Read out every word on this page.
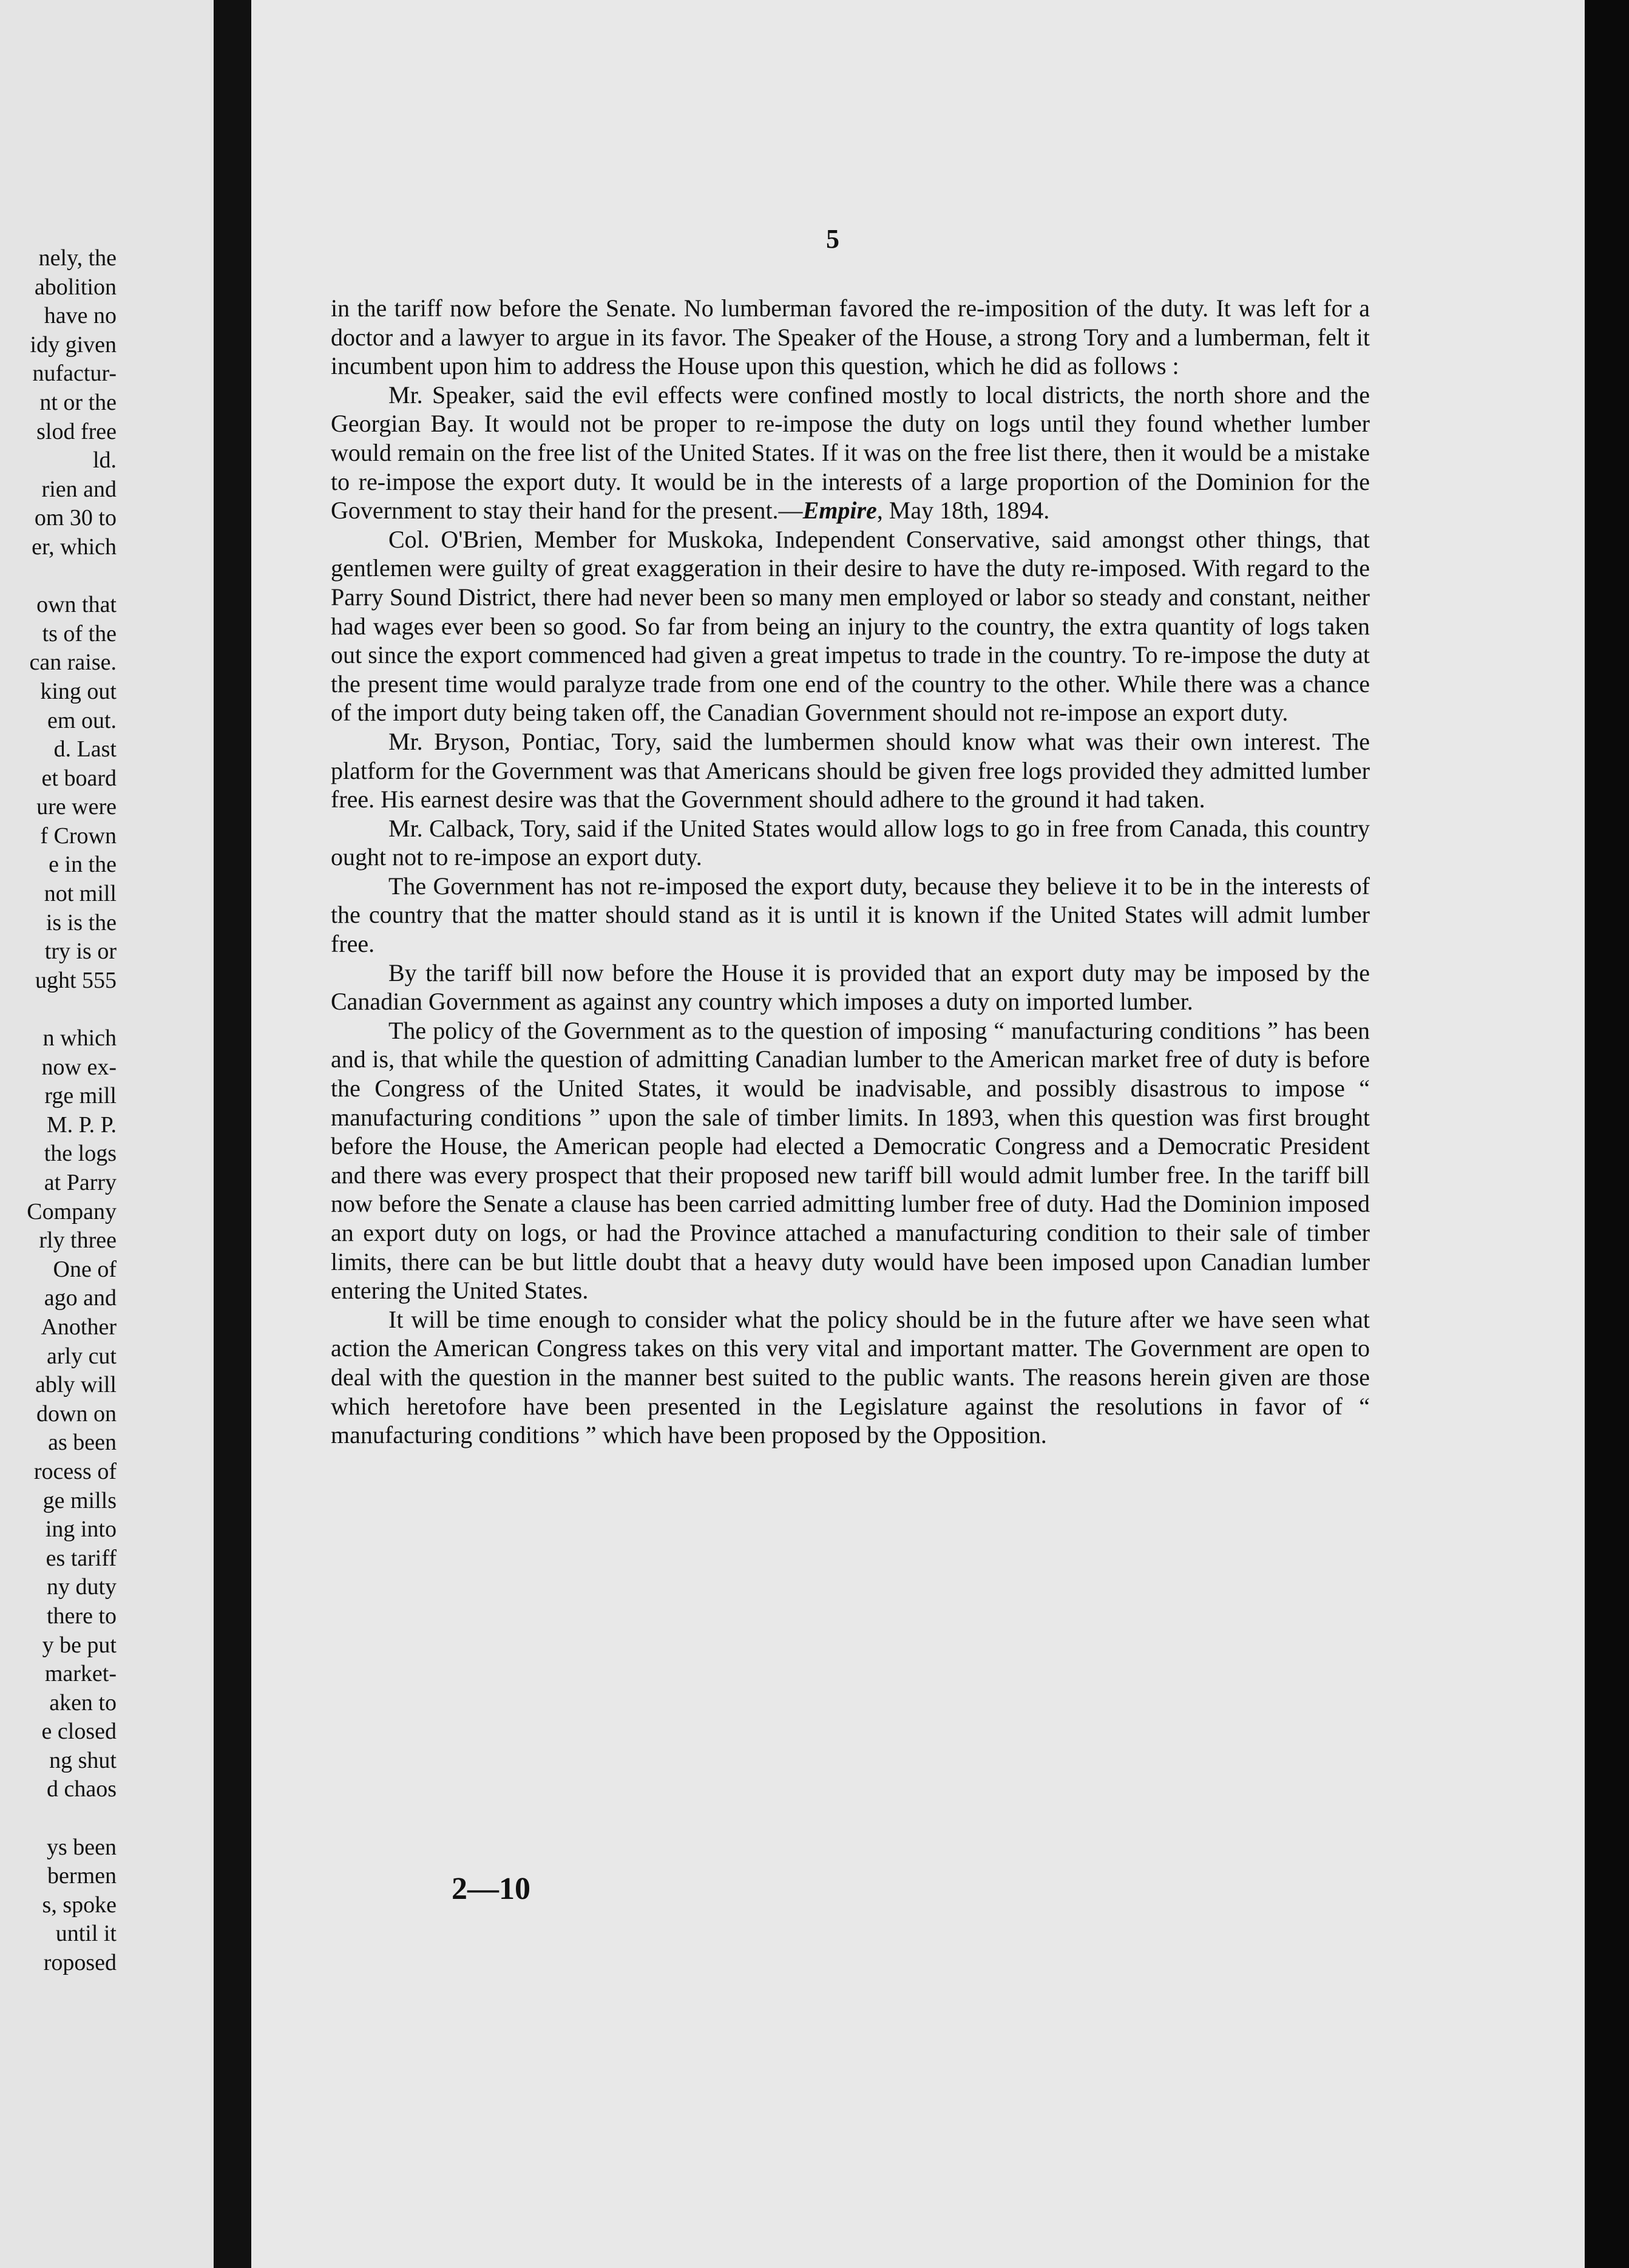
nely, the
abolition
have no
idy given
nufactur-
nt or the
slod free
ld.
rien and
om 30 to
er, which
own that
ts of the
can raise.
king out
em out.
d. Last
et board
ure were
f Crown
e in the
not mill
is is the
try is or
ught 555
n which
now ex-
rge mill
M. P. P.
the logs
at Parry
Company
rly three
One of
ago and
Another
arly cut
ably will
down on
as been
rocess of
ge mills
ing into
es tariff
ny duty
there to
y be put
market-
aken to
e closed
ng shut
d chaos
ys been
bermen
s, spoke
until it
roposed
5

in the tariff now before the Senate. No lumberman favored the re-imposition of the duty. It was left for a doctor and a lawyer to argue in its favor. The Speaker of the House, a strong Tory and a lumberman, felt it incumbent upon him to address the House upon this question, which he did as follows :

Mr. Speaker, said the evil effects were confined mostly to local districts, the north shore and the Georgian Bay. It would not be proper to re-impose the duty on logs until they found whether lumber would remain on the free list of the United States. If it was on the free list there, then it would be a mistake to re-impose the export duty. It would be in the interests of a large proportion of the Dominion for the Government to stay their hand for the present.—Empire, May 18th, 1894.

Col. O'Brien, Member for Muskoka, Independent Conservative, said amongst other things, that gentlemen were guilty of great exaggeration in their desire to have the duty re-imposed. With regard to the Parry Sound District, there had never been so many men employed or labor so steady and constant, neither had wages ever been so good. So far from being an injury to the country, the extra quantity of logs taken out since the export commenced had given a great impetus to trade in the country. To re-impose the duty at the present time would paralyze trade from one end of the country to the other. While there was a chance of the import duty being taken off, the Canadian Government should not re-impose an export duty.

Mr. Bryson, Pontiac, Tory, said the lumbermen should know what was their own interest. The platform for the Government was that Americans should be given free logs provided they admitted lumber free. His earnest desire was that the Government should adhere to the ground it had taken.

Mr. Calback, Tory, said if the United States would allow logs to go in free from Canada, this country ought not to re-impose an export duty.

The Government has not re-imposed the export duty, because they believe it to be in the interests of the country that the matter should stand as it is until it is known if the United States will admit lumber free.

By the tariff bill now before the House it is provided that an export duty may be imposed by the Canadian Government as against any country which imposes a duty on imported lumber.

The policy of the Government as to the question of imposing “ manufacturing conditions ” has been and is, that while the question of admitting Canadian lumber to the American market free of duty is before the Congress of the United States, it would be inadvisable, and possibly disastrous to impose “ manufacturing conditions ” upon the sale of timber limits. In 1893, when this question was first brought before the House, the American people had elected a Democratic Congress and a Democratic President and there was every prospect that their proposed new tariff bill would admit lumber free. In the tariff bill now before the Senate a clause has been carried admitting lumber free of duty. Had the Dominion imposed an export duty on logs, or had the Province attached a manufacturing condition to their sale of timber limits, there can be but little doubt that a heavy duty would have been imposed upon Canadian lumber entering the United States.

It will be time enough to consider what the policy should be in the future after we have seen what action the American Congress takes on this very vital and important matter. The Government are open to deal with the question in the manner best suited to the public wants. The reasons herein given are those which heretofore have been presented in the Legislature against the resolutions in favor of “ manufacturing conditions ” which have been proposed by the Opposition.

2—10
